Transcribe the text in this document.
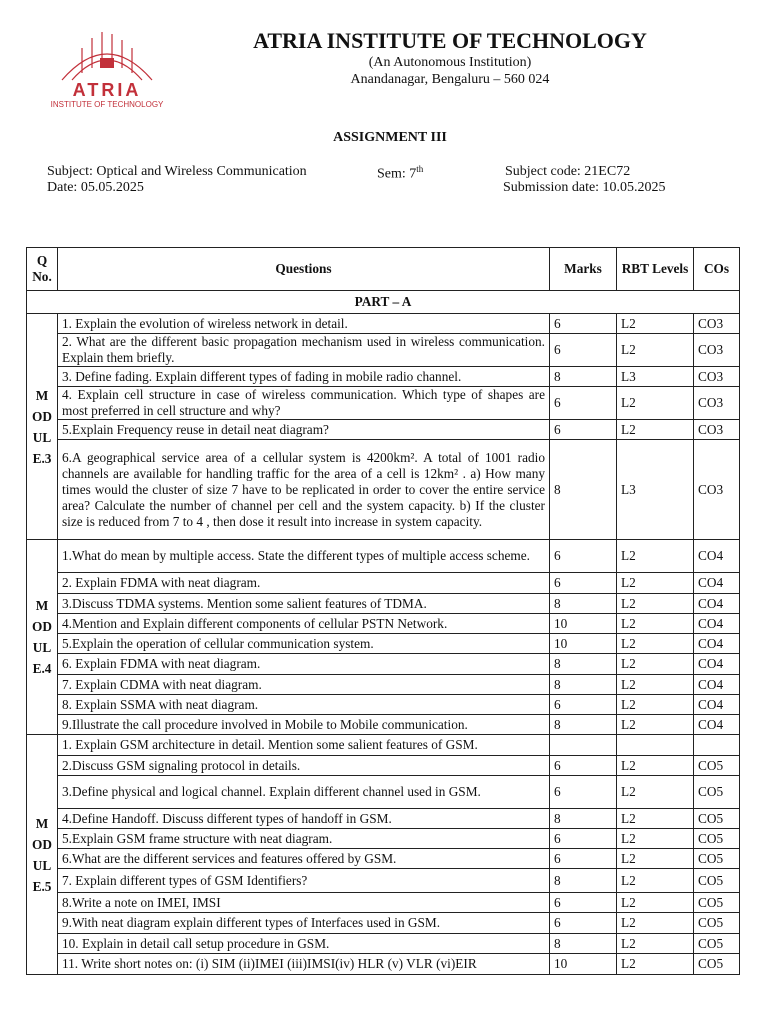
ATRIA
INSTITUTE OF TECHNOLOGY
ATRIA INSTITUTE OF TECHNOLOGY
(An Autonomous Institution)
Anandanagar, Bengaluru – 560 024
ASSIGNMENT III
Subject: Optical and Wireless Communication	Sem: 7th	Subject code: 21EC72
Date: 05.05.2025	Submission date: 10.05.2025
Q No.	Questions	Marks	RBT Levels	COs
PART – A				

M
OD
UL
E.3	1. Explain the evolution of wireless network in detail.	6	L2	CO3
	2. What are the different basic propagation mechanism used in wireless communication. Explain them briefly.	6	L2	CO3
	3. Define fading. Explain different types of fading in mobile radio channel.	8	L3	CO3
	4. Explain cell structure in case of wireless communication. Which type of shapes are most preferred in cell structure and why?	6	L2	CO3
	5.Explain Frequency reuse in detail neat diagram?	6	L2	CO3
	6.A geographical service area of a cellular system is 4200km². A total of 1001 radio channels are available for handling traffic for the area of a cell is 12km² . a) How many times would the cluster of size 7 have to be replicated in order to cover the entire service area? Calculate the number of channel per cell and the system capacity. b) If the cluster size is reduced from 7 to 4 , then dose it result into increase in system capacity.	8	L3	CO3

M
OD
UL
E.4	1.What do mean by multiple access. State the different types of multiple access scheme.	6	L2	CO4
	2. Explain FDMA with neat diagram.	6	L2	CO4
	3.Discuss TDMA systems. Mention some salient features of TDMA.	8	L2	CO4
	4.Mention and Explain different components of cellular PSTN Network.	10	L2	CO4
	5.Explain the operation of cellular communication system.	10	L2	CO4
	6. Explain FDMA with neat diagram.	8	L2	CO4
	7. Explain CDMA with neat diagram.	8	L2	CO4
	8. Explain SSMA with neat diagram.	6	L2	CO4
	9.Illustrate the call procedure involved in Mobile to Mobile communication.	8	L2	CO4

M
OD
UL
E.5	1. Explain GSM architecture in detail. Mention some salient features of GSM.			
	2.Discuss GSM signaling protocol in details.	6	L2	CO5
	3.Define physical and logical channel. Explain different channel used in GSM.	6	L2	CO5
	4.Define Handoff. Discuss different types of handoff in GSM.	8	L2	CO5
	5.Explain GSM frame structure with neat diagram.	6	L2	CO5
	6.What are the different services and features offered by GSM.	6	L2	CO5
	7. Explain different types of GSM Identifiers?	8	L2	CO5
	8.Write a note on IMEI, IMSI	6	L2	CO5
	9.With neat diagram explain different types of Interfaces used in GSM.	6	L2	CO5
	10. Explain in detail call setup procedure in GSM.	8	L2	CO5
	11. Write short notes on: (i) SIM (ii)IMEI (iii)IMSI(iv) HLR (v) VLR (vi)EIR	10	L2	CO5
